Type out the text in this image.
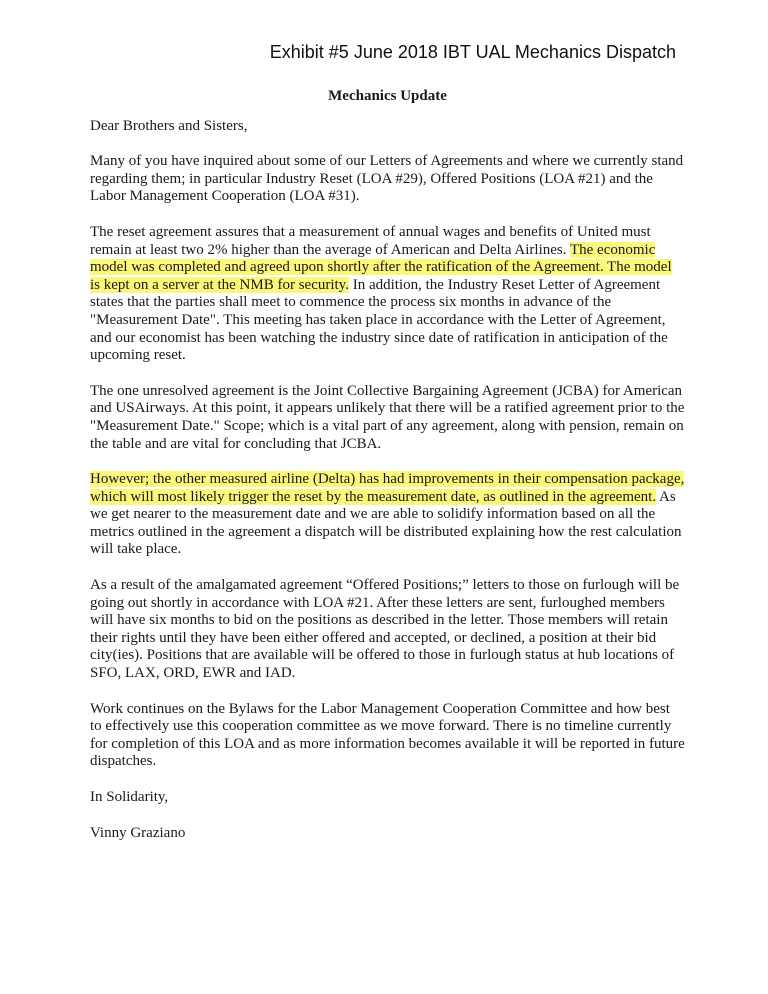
Exhibit #5 June 2018 IBT UAL Mechanics Dispatch
Mechanics Update

Dear Brothers and Sisters,

Many of you have inquired about some of our Letters of Agreements and where we currently stand regarding them; in particular Industry Reset (LOA #29), Offered Positions (LOA #21) and the Labor Management Cooperation (LOA #31).

The reset agreement assures that a measurement of annual wages and benefits of United must remain at least two 2% higher than the average of American and Delta Airlines. The economic model was completed and agreed upon shortly after the ratification of the Agreement. The model is kept on a server at the NMB for security. In addition, the Industry Reset Letter of Agreement states that the parties shall meet to commence the process six months in advance of the "Measurement Date". This meeting has taken place in accordance with the Letter of Agreement, and our economist has been watching the industry since date of ratification in anticipation of the upcoming reset.

The one unresolved agreement is the Joint Collective Bargaining Agreement (JCBA) for American and USAirways. At this point, it appears unlikely that there will be a ratified agreement prior to the "Measurement Date." Scope; which is a vital part of any agreement, along with pension, remain on the table and are vital for concluding that JCBA.

However; the other measured airline (Delta) has had improvements in their compensation package, which will most likely trigger the reset by the measurement date, as outlined in the agreement. As we get nearer to the measurement date and we are able to solidify information based on all the metrics outlined in the agreement a dispatch will be distributed explaining how the rest calculation will take place.

As a result of the amalgamated agreement “Offered Positions;” letters to those on furlough will be going out shortly in accordance with LOA #21. After these letters are sent, furloughed members will have six months to bid on the positions as described in the letter. Those members will retain their rights until they have been either offered and accepted, or declined, a position at their bid city(ies). Positions that are available will be offered to those in furlough status at hub locations of SFO, LAX, ORD, EWR and IAD.

Work continues on the Bylaws for the Labor Management Cooperation Committee and how best to effectively use this cooperation committee as we move forward. There is no timeline currently for completion of this LOA and as more information becomes available it will be reported in future dispatches.

In Solidarity,

Vinny Graziano
